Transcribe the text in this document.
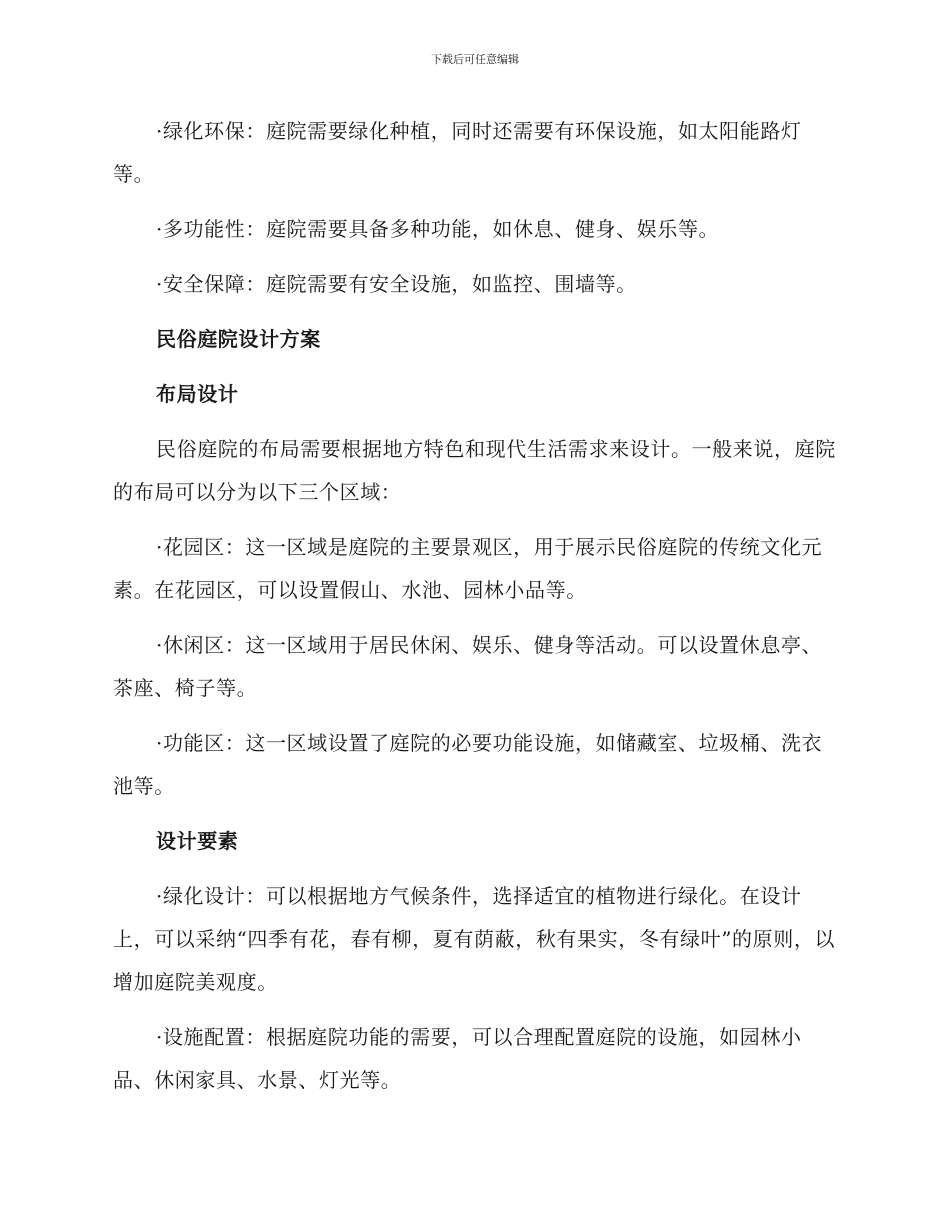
下载后可任意编辑

·绿化环保：庭院需要绿化种植，同时还需要有环保设施，如太阳能路灯等。

·多功能性：庭院需要具备多种功能，如休息、健身、娱乐等。

·安全保障：庭院需要有安全设施，如监控、围墙等。

民俗庭院设计方案

布局设计

民俗庭院的布局需要根据地方特色和现代生活需求来设计。一般来说，庭院的布局可以分为以下三个区域：

·花园区：这一区域是庭院的主要景观区，用于展示民俗庭院的传统文化元素。在花园区，可以设置假山、水池、园林小品等。

·休闲区：这一区域用于居民休闲、娱乐、健身等活动。可以设置休息亭、茶座、椅子等。

·功能区：这一区域设置了庭院的必要功能设施，如储藏室、垃圾桶、洗衣池等。

设计要素

·绿化设计：可以根据地方气候条件，选择适宜的植物进行绿化。在设计上，可以采纳“四季有花，春有柳，夏有荫蔽，秋有果实，冬有绿叶”的原则，以增加庭院美观度。

·设施配置：根据庭院功能的需要，可以合理配置庭院的设施，如园林小品、休闲家具、水景、灯光等。
